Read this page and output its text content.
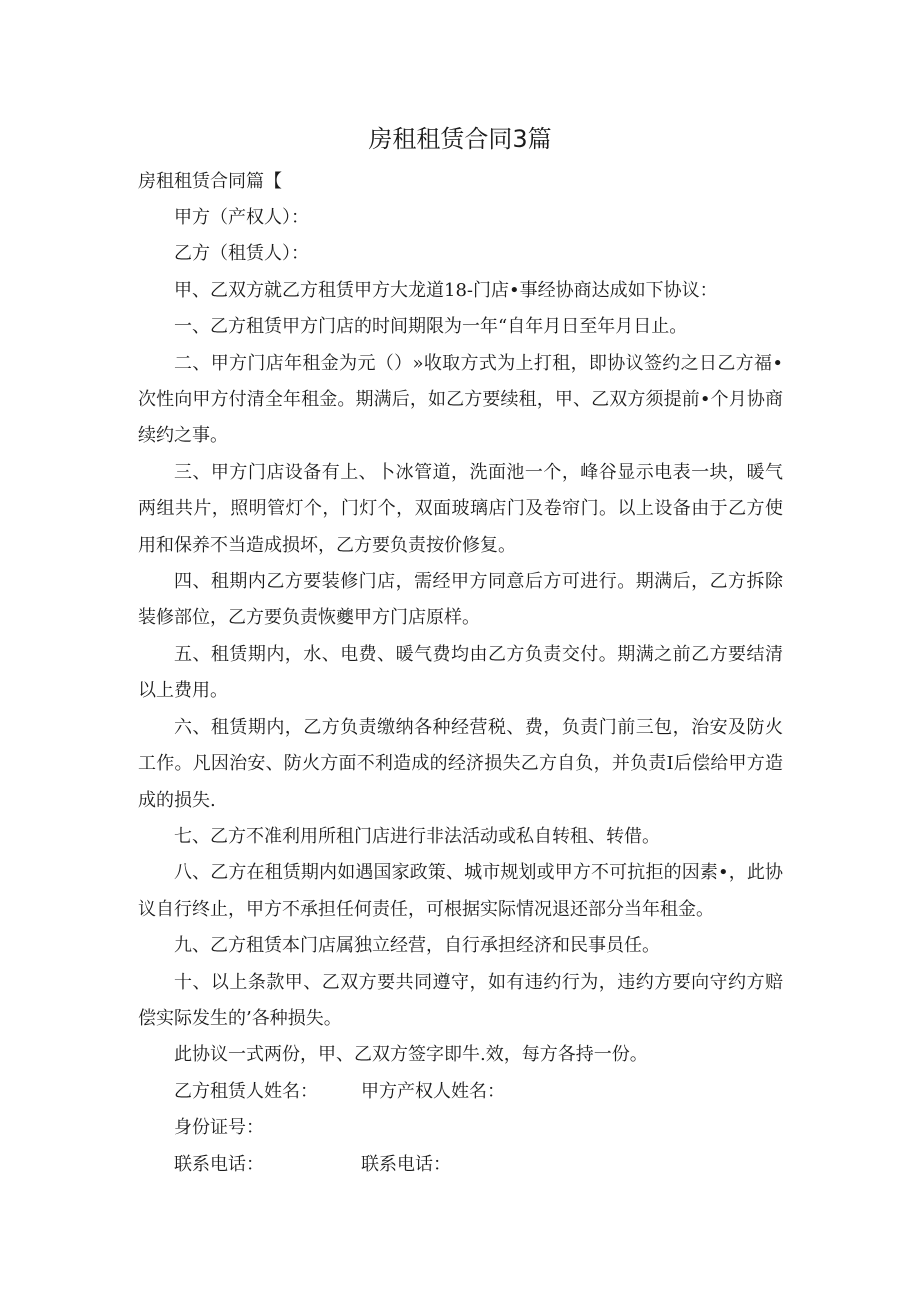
房租租赁合同3篇

房租租赁合同篇【

甲方（产权人）：

乙方（租赁人）：

甲、乙双方就乙方租赁甲方大龙道18-门店•事经协商达成如下协议：

一、乙方租赁甲方门店的时间期限为一年“自年月日至年月日止。

二、甲方门店年租金为元（）»收取方式为上打租，即协议签约之日乙方福•次性向甲方付清全年租金。期满后，如乙方要续租，甲、乙双方须提前•个月协商续约之事。

三、甲方门店设备有上、卜冰管道，洗面池一个，峰谷显示电表一块，暖气两组共片，照明管灯个，门灯个，双面玻璃店门及卷帘门。以上设备由于乙方使用和保养不当造成损坏，乙方要负责按价修复。

四、租期内乙方要装修门店，需经甲方同意后方可进行。期满后，乙方拆除装修部位，乙方要负责恢夔甲方门店原样。

五、租赁期内，水、电费、暖气费均由乙方负责交付。期满之前乙方要结清以上费用。

六、租赁期内，乙方负责缴纳各种经营税、费，负责门前三包，治安及防火工作。凡因治安、防火方面不利造成的经济损失乙方自负，并负责I后偿给甲方造成的损失.

七、乙方不准利用所租门店进行非法活动或私自转租、转借。

八、乙方在租赁期内如遇国家政策、城市规划或甲方不可抗拒的因素•，此协议自行终止，甲方不承担任何责任，可根据实际情况退还部分当年租金。

九、乙方租赁本门店属独立经营，自行承担经济和民事员任。

十、以上条款甲、乙双方要共同遵守，如有违约行为，违约方要向守约方赔偿实际发生的’各种损失。

此协议一式两份，甲、乙双方签字即牛.效，每方各持一份。

乙方租赁人姓名：	甲方产权人姓名：
身份证号：
联系电话：	联系电话：
